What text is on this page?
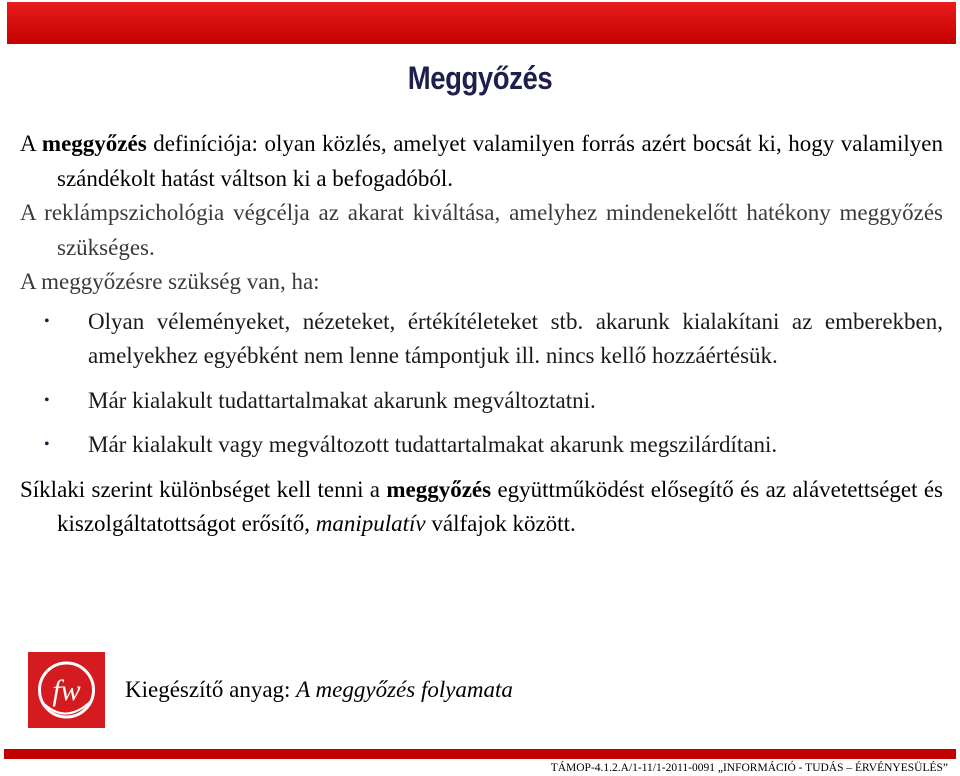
Meggyőzés

A meggyőzés definíciója: olyan közlés, amelyet valamilyen forrás azért bocsát ki, hogy valamilyen szándékolt hatást váltson ki a befogadóból.

A reklámpszichológia végcélja az akarat kiváltása, amelyhez mindenekelőtt hatékony meggyőzés szükséges.

A meggyőzésre szükség van, ha:

• Olyan véleményeket, nézeteket, értékítéleteket stb. akarunk kialakítani az emberekben, amelyekhez egyébként nem lenne támpontjuk ill. nincs kellő hozzáértésük.
• Már kialakult tudattartalmakat akarunk megváltoztatni.
• Már kialakult vagy megváltozott tudattartalmakat akarunk megszilárdítani.

Síklaki szerint különbséget kell tenni a meggyőzés együttműködést elősegítő és az alávetettséget és kiszolgáltatottságot erősítő, manipulatív válfajok között.

fw Kiegészítő anyag: A meggyőzés folyamata
TÁMOP-4.1.2.A/1-11/1-2011-0091 „INFORMÁCIÓ - TUDÁS – ÉRVÉNYESÜLÉS”
